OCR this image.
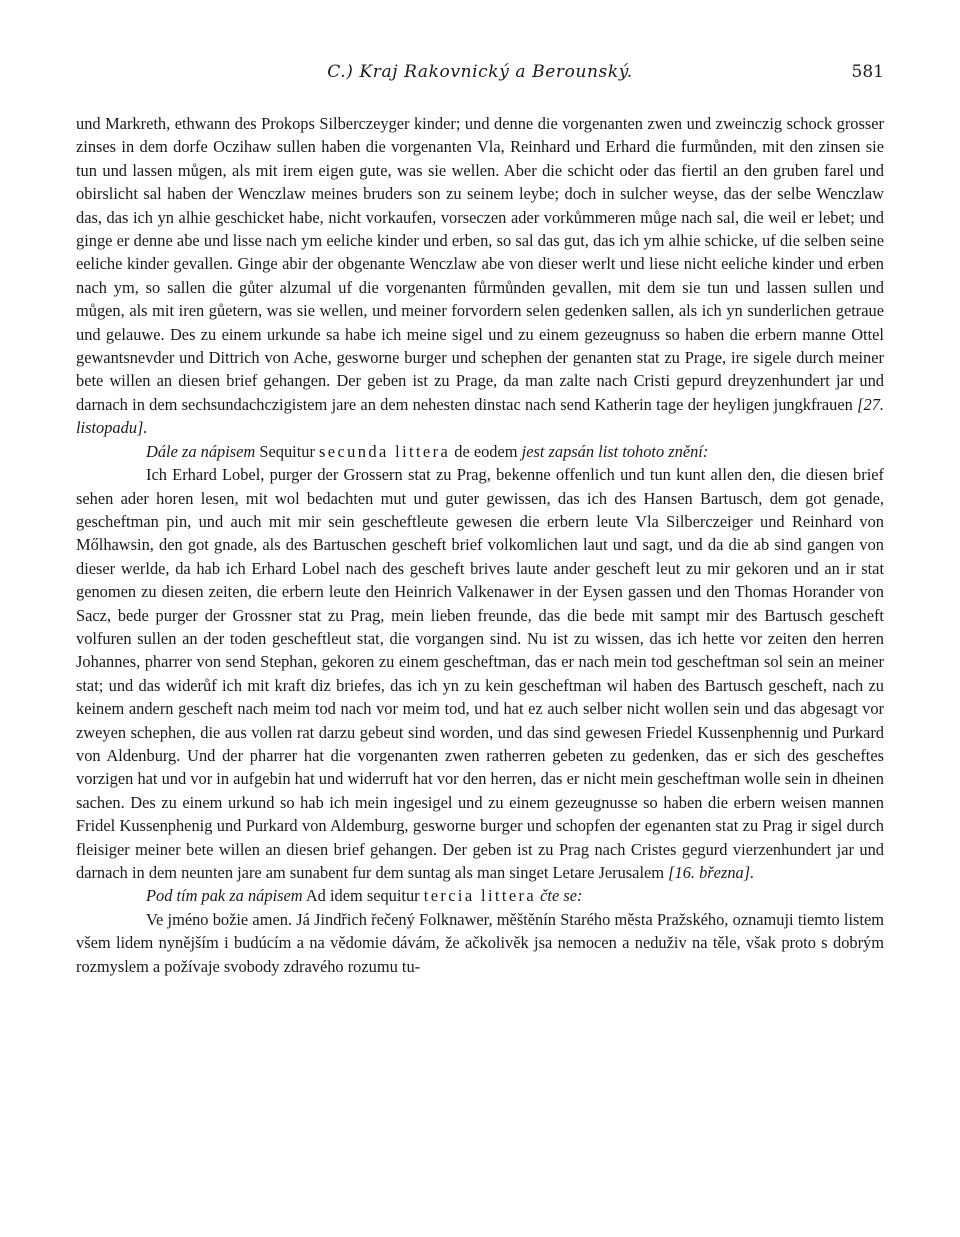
C.) Kraj Rakovnický a Berounský.	581

und Markreth, ethwann des Prokops Silberczeyger kinder; und denne die vorgenanten zwen und zweinczig schock grosser zinses in dem dorfe Oczihaw sullen haben die vorgenanten Vla, Reinhard und Erhard die furmůnden, mit den zinsen sie tun und lassen můgen, als mit irem eigen gute, was sie wellen. Aber die schicht oder das fiertil an den gruben farel und obirslicht sal haben der Wenczlaw meines bruders son zu seinem leybe; doch in sulcher weyse, das der selbe Wenczlaw das, das ich yn alhie geschicket habe, nicht vorkaufen, vorseczen ader vorkůmmeren můge nach sal, die weil er lebet; und ginge er denne abe und lisse nach ym eeliche kinder und erben, so sal das gut, das ich ym alhie schicke, uf die selben seine eeliche kinder gevallen. Ginge abir der obgenante Wenczlaw abe von dieser werlt und liese nicht eeliche kinder und erben nach ym, so sallen die gůter alzumal uf die vorgenanten fůrmůnden gevallen, mit dem sie tun und lassen sullen und můgen, als mit iren gůetern, was sie wellen, und meiner forvordern selen gedenken sallen, als ich yn sunderlichen getraue und gelauwe. Des zu einem urkunde sa habe ich meine sigel und zu einem gezeugnuss so haben die erbern manne Ottel gewantsnevder und Dittrich von Ache, gesworne burger und schephen der genanten stat zu Prage, ire sigele durch meiner bete willen an diesen brief gehangen. Der geben ist zu Prage, da man zalte nach Cristi gepurd dreyzenhundert jar und darnach in dem sechsundachczigistem jare an dem nehesten dinstac nach send Katherin tage der heyligen jungkfrauen [27. listopadu].

Dále za nápisem Sequitur secunda littera de eodem jest zapsán list tohoto znění:

Ich Erhard Lobel, purger der Grossern stat zu Prag, bekenne offenlich und tun kunt allen den, die diesen brief sehen ader horen lesen, mit wol bedachten mut und guter gewissen, das ich des Hansen Bartusch, dem got genade, gescheftman pin, und auch mit mir sein gescheftleute gewesen die erbern leute Vla Silberczeiger und Reinhard von Mőlhawsin, den got gnade, als des Bartuschen gescheft brief volkomlichen laut und sagt, und da die ab sind gangen von dieser werlde, da hab ich Erhard Lobel nach des gescheft brives laute ander gescheft leut zu mir gekoren und an ir stat genomen zu diesen zeiten, die erbern leute den Heinrich Valkenawer in der Eysen gassen und den Thomas Horander von Sacz, bede purger der Grossner stat zu Prag, mein lieben freunde, das die bede mit sampt mir des Bartusch gescheft volfuren sullen an der toden gescheftleut stat, die vorgangen sind. Nu ist zu wissen, das ich hette vor zeiten den herren Johannes, pharrer von send Stephan, gekoren zu einem gescheftman, das er nach mein tod gescheftman sol sein an meiner stat; und das widerůf ich mit kraft diz briefes, das ich yn zu kein gescheftman wil haben des Bartusch gescheft, nach zu keinem andern gescheft nach meim tod nach vor meim tod, und hat ez auch selber nicht wollen sein und das abgesagt vor zweyen schephen, die aus vollen rat darzu gebeut sind worden, und das sind gewesen Friedel Kussenphennig und Purkard von Aldenburg. Und der pharrer hat die vorgenanten zwen ratherren gebeten zu gedenken, das er sich des gescheftes vorzigen hat und vor in aufgebin hat und widerruft hat vor den herren, das er nicht mein gescheftman wolle sein in dheinen sachen. Des zu einem urkund so hab ich mein ingesigel und zu einem gezeugnusse so haben die erbern weisen mannen Fridel Kussenphenig und Purkard von Aldemburg, gesworne burger und schopfen der egenanten stat zu Prag ir sigel durch fleisiger meiner bete willen an diesen brief gehangen. Der geben ist zu Prag nach Cristes gegurd vierzenhundert jar und darnach in dem neunten jare am sunabent fur dem suntag als man singet Letare Jerusalem [16. března].

Pod tím pak za nápisem Ad idem sequitur tercia littera čte se:

Ve jméno božie amen. Já Jindřich řečený Folknawer, měštěnín Starého města Pražského, oznamuji tiemto listem všem lidem nynějším i budúcím a na vědomie dávám, že ačkolivěk jsa nemocen a neduživ na těle, však proto s dobrým rozmyslem a požívaje svobody zdravého rozumu tu-
